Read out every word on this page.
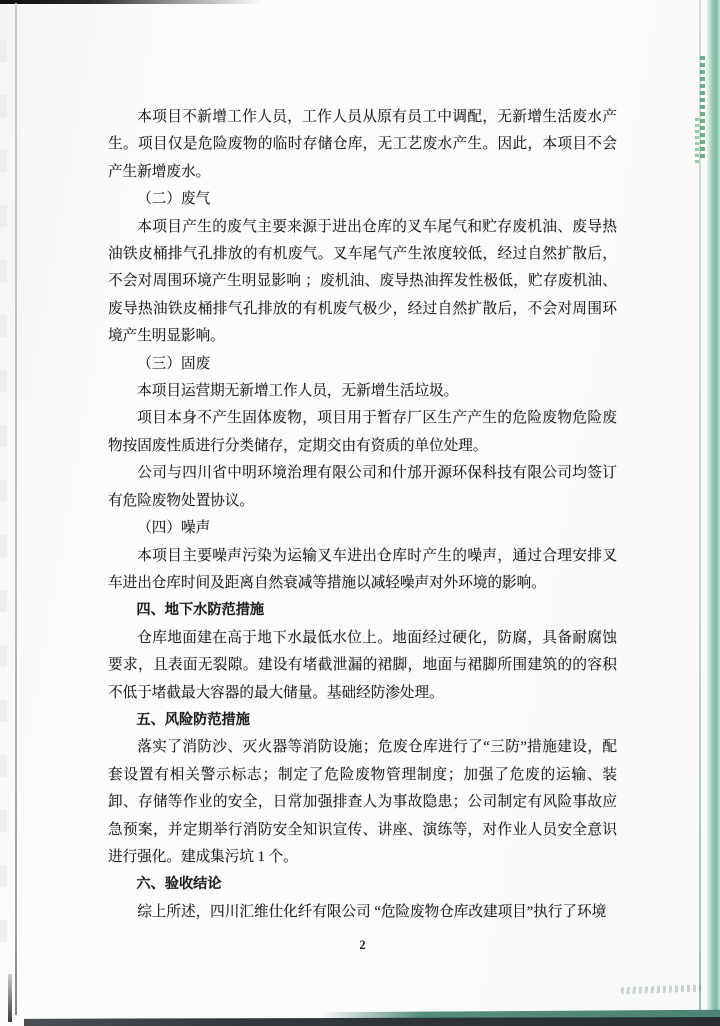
本项目不新增工作人员，工作人员从原有员工中调配，无新增生活废水产生。项目仅是危险废物的临时存储仓库，无工艺废水产生。因此，本项目不会产生新增废水。
（二）废气
本项目产生的废气主要来源于进出仓库的叉车尾气和贮存废机油、废导热油铁皮桶排气孔排放的有机废气。叉车尾气产生浓度较低，经过自然扩散后，不会对周围环境产生明显影响 ；废机油、废导热油挥发性极低，贮存废机油、废导热油铁皮桶排气孔排放的有机废气极少，经过自然扩散后，不会对周围环境产生明显影响。
（三）固废
本项目运营期无新增工作人员，无新增生活垃圾。
项目本身不产生固体废物，项目用于暂存厂区生产产生的危险废物危险废物按固废性质进行分类储存，定期交由有资质的单位处理。
公司与四川省中明环境治理有限公司和什邡开源环保科技有限公司均签订有危险废物处置协议。
（四）噪声
本项目主要噪声污染为运输叉车进出仓库时产生的噪声，通过合理安排叉车进出仓库时间及距离自然衰减等措施以减轻噪声对外环境的影响。
四、地下水防范措施
仓库地面建在高于地下水最低水位上。地面经过硬化，防腐，具备耐腐蚀要求，且表面无裂隙。建设有堵截泄漏的裙脚，地面与裙脚所围建筑的的容积不低于堵截最大容器的最大储量。基础经防渗处理。
五、风险防范措施
落实了消防沙、灭火器等消防设施；危废仓库进行了“三防”措施建设，配套设置有相关警示标志；制定了危险废物管理制度；加强了危废的运输、装卸、存储等作业的安全，日常加强排查人为事故隐患；公司制定有风险事故应急预案，并定期举行消防安全知识宣传、讲座、演练等，对作业人员安全意识进行强化。建成集污坑 1 个。
六、验收结论
综上所述，四川汇维仕化纤有限公司 “危险废物仓库改建项目”执行了环境
2
